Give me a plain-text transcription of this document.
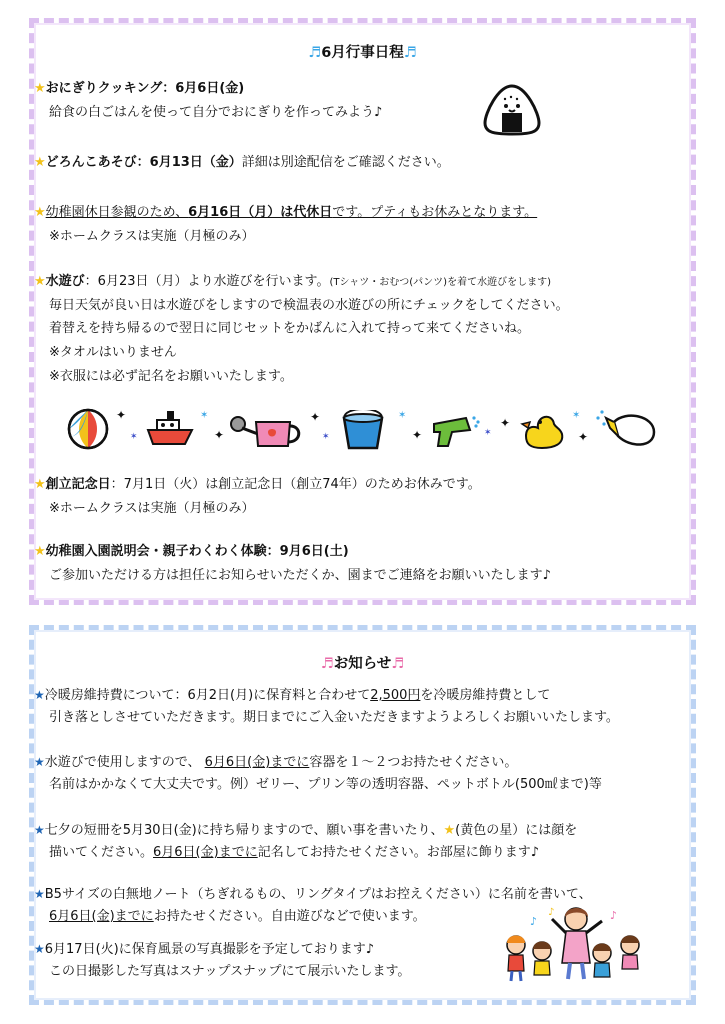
♬6月行事日程♬
★おにぎりクッキング：6月6日(金)
給食の白ごはんを使って自分でおにぎりを作ってみよう♪
★どろんこあそび：6月13日（金）詳細は別途配信をご確認ください。
★幼稚園休日参観のため、6月16日（月）は代休日です。プティもお休みとなります。
※ホームクラスは実施（月極のみ）
★水遊び：6月23日（月）より水遊びを行います。(Tシャツ・おむつ(パンツ)を着て水遊びをします)
毎日天気が良い日は水遊びをしますので検温表の水遊びの所にチェックをしてください。
着替えを持ち帰るので翌日に同じセットをかばんに入れて持って来てくださいね。
※タオルはいりません
※衣服には必ず記名をお願いいたします。
★創立記念日：7月1日（火）は創立記念日（創立74年）のためお休みです。
※ホームクラスは実施（月極のみ）
★幼稚園入園説明会・親子わくわく体験：9月6日(土)
ご参加いただける方は担任にお知らせいただくか、園までご連絡をお願いいたします♪
✦
✶
✶
✦
✦
✶
✶
✦	✶
✦
✶
✦
♬お知らせ♬
★冷暖房維持費について：6月2日(月)に保育料と合わせて2,500円を冷暖房維持費として
引き落としさせていただきます。期日までにご入金いただきますようよろしくお願いいたします。
★水遊びで使用しますので、 6月6日(金)までに容器を１～２つお持たせください。
名前はかかなくて大丈夫です。例）ゼリー、プリン等の透明容器、ペットボトル(500㎖まで)等
★七夕の短冊を5月30日(金)に持ち帰りますので、願い事を書いたり、★(黄色の星）には顔を
描いてください。6月6日(金)までに記名してお持たせください。お部屋に飾ります♪
★B5サイズの白無地ノート（ちぎれるもの、リングタイプはお控えください）に名前を書いて、
6月6日(金)までにお持たせください。自由遊びなどで使います。
★6月17日(火)に保育風景の写真撮影を予定しております♪
この日撮影した写真はスナップスナップにて展示いたします。
♪	♪
♪
